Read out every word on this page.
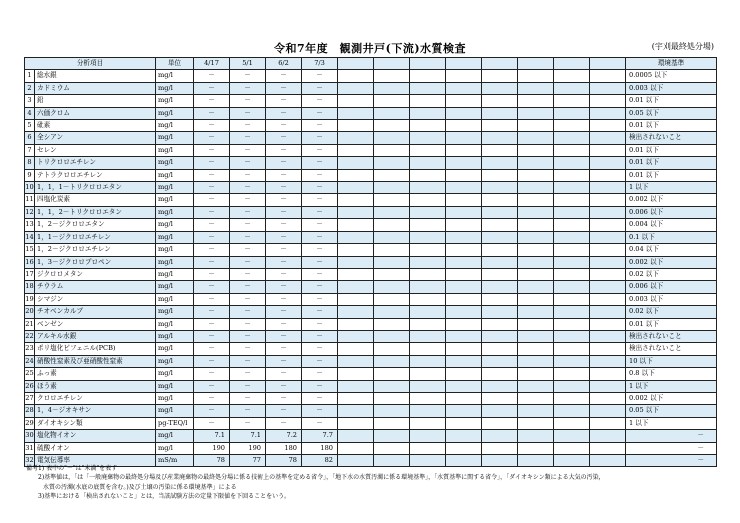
令和7年度　観測井戸(下流)水質検査	(宇刈最終処分場)
分析項目		単位	4/17	5/1	6/2	7/3									環境基準
1	総水銀	mg/l	－	－	－	－									0.0005 以下
2	カドミウム	mg/l	－	－	－	－									0.003 以下
3	鉛	mg/l	－	－	－	－									0.01 以下
4	六価クロム	mg/l	－	－	－	－									0.05 以下
5	砒素	mg/l	－	－	－	－									0.01 以下
6	全シアン	mg/l	－	－	－	－									検出されないこと
7	セレン	mg/l	－	－	－	－									0.01 以下
8	トリクロロエチレン	mg/l	－	－	－	－									0.01 以下
9	テトラクロロエチレン	mg/l	－	－	－	－									0.01 以下
10	1，1，1－トリクロロエタン	mg/l	－	－	－	－									1 以下
11	四塩化炭素	mg/l	－	－	－	－									0.002 以下
12	1，1，2－トリクロロエタン	mg/l	－	－	－	－									0.006 以下
13	1，2－ジクロロエタン	mg/l	－	－	－	－									0.004 以下
14	1，1－ジクロロエチレン	mg/l	－	－	－	－									0.1 以下
15	1，2－ジクロロエチレン	mg/l	－	－	－	－									0.04 以下
16	1，3－ジクロロプロペン	mg/l	－	－	－	－									0.002 以下
17	ジクロロメタン	mg/l	－	－	－	－									0.02 以下
18	チウラム	mg/l	－	－	－	－									0.006 以下
19	シマジン	mg/l	－	－	－	－									0.003 以下
20	チオベンカルブ	mg/l	－	－	－	－									0.02 以下
21	ベンゼン	mg/l	－	－	－	－									0.01 以下
22	アルキル水銀	mg/l	－	－	－	－									検出されないこと
23	ポリ塩化ビフェニル(PCB)	mg/l	－	－	－	－									検出されないこと
24	硝酸性窒素及び亜硝酸性窒素	mg/l	－	－	－	－									10 以下
25	ふっ素	mg/l	－	－	－	－									0.8 以下
26	ほう素	mg/l	－	－	－	－									1 以下
27	クロロエチレン	mg/l	－	－	－	－									0.002 以下
28	1，4－ジオキサン	mg/l	－	－	－	－									0.05 以下
29	ダイオキシン類	pg-TEQ/l	－	－	－	－									1 以下
30	塩化物イオン	mg/l	7.1	7.1	7.2	7.7									－
31	硫酸イオン	mg/l	190	190	180	180									－
32	電気伝導率	mS/m	78	77	78	82									－
備考1) 表中の"－"は"未満"を表す
2)基準値は，「は「一般廃棄物の最終処分場及び産業廃棄物の最終処分場に係る技術上の基準を定める省令」，「地下水の水質汚濁に係る環境基準」，「水質基準に関する省令」，「ダイオキシン類による大気の汚染，
水質の汚濁(水底の底質を含む。)及び土壌の汚染に係る環境基準」による
3)基準における「検出されないこと」とは，当該試験方法の定量下限値を下回ることをいう。
